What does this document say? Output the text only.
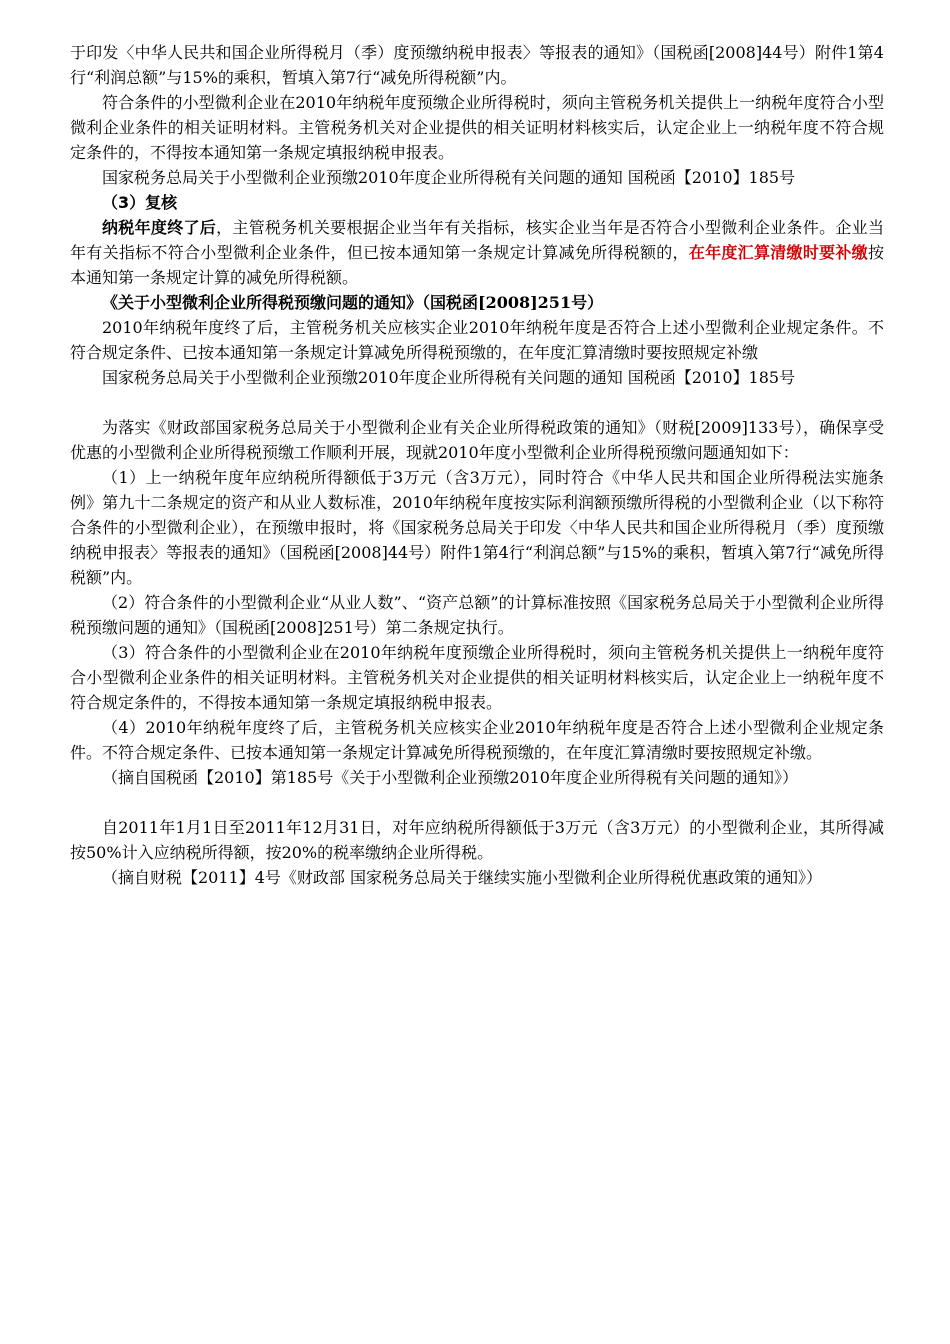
于印发〈中华人民共和国企业所得税月（季）度预缴纳税申报表〉等报表的通知》（国税函[2008]44号）附件1第4行“利润总额”与15%的乘积，暂填入第7行“减免所得税额”内。

符合条件的小型微利企业在2010年纳税年度预缴企业所得税时，须向主管税务机关提供上一纳税年度符合小型微利企业条件的相关证明材料。主管税务机关对企业提供的相关证明材料核实后，认定企业上一纳税年度不符合规定条件的，不得按本通知第一条规定填报纳税申报表。

国家税务总局关于小型微利企业预缴2010年度企业所得税有关问题的通知 国税函【2010】185号

（3）复核

纳税年度终了后，主管税务机关要根据企业当年有关指标，核实企业当年是否符合小型微利企业条件。企业当年有关指标不符合小型微利企业条件，但已按本通知第一条规定计算减免所得税额的，在年度汇算清缴时要补缴按本通知第一条规定计算的减免所得税额。

《关于小型微利企业所得税预缴问题的通知》（国税函[2008]251号）

2010年纳税年度终了后，主管税务机关应核实企业2010年纳税年度是否符合上述小型微利企业规定条件。不符合规定条件、已按本通知第一条规定计算减免所得税预缴的，在年度汇算清缴时要按照规定补缴

国家税务总局关于小型微利企业预缴2010年度企业所得税有关问题的通知 国税函【2010】185号

为落实《财政部国家税务总局关于小型微利企业有关企业所得税政策的通知》（财税[2009]133号），确保享受优惠的小型微利企业所得税预缴工作顺利开展，现就2010年度小型微利企业所得税预缴问题通知如下：

（1）上一纳税年度年应纳税所得额低于3万元（含3万元），同时符合《中华人民共和国企业所得税法实施条例》第九十二条规定的资产和从业人数标准，2010年纳税年度按实际利润额预缴所得税的小型微利企业（以下称符合条件的小型微利企业），在预缴申报时，将《国家税务总局关于印发〈中华人民共和国企业所得税月（季）度预缴纳税申报表〉等报表的通知》（国税函[2008]44号）附件1第4行“利润总额”与15%的乘积，暂填入第7行“减免所得税额”内。

（2）符合条件的小型微利企业“从业人数”、“资产总额”的计算标准按照《国家税务总局关于小型微利企业所得税预缴问题的通知》（国税函[2008]251号）第二条规定执行。

（3）符合条件的小型微利企业在2010年纳税年度预缴企业所得税时，须向主管税务机关提供上一纳税年度符合小型微利企业条件的相关证明材料。主管税务机关对企业提供的相关证明材料核实后，认定企业上一纳税年度不符合规定条件的，不得按本通知第一条规定填报纳税申报表。

（4）2010年纳税年度终了后，主管税务机关应核实企业2010年纳税年度是否符合上述小型微利企业规定条件。不符合规定条件、已按本通知第一条规定计算减免所得税预缴的，在年度汇算清缴时要按照规定补缴。

（摘自国税函【2010】第185号《关于小型微利企业预缴2010年度企业所得税有关问题的通知》）

自2011年1月1日至2011年12月31日，对年应纳税所得额低于3万元（含3万元）的小型微利企业，其所得减按50%计入应纳税所得额，按20%的税率缴纳企业所得税。

（摘自财税【2011】4号《财政部 国家税务总局关于继续实施小型微利企业所得税优惠政策的通知》）
